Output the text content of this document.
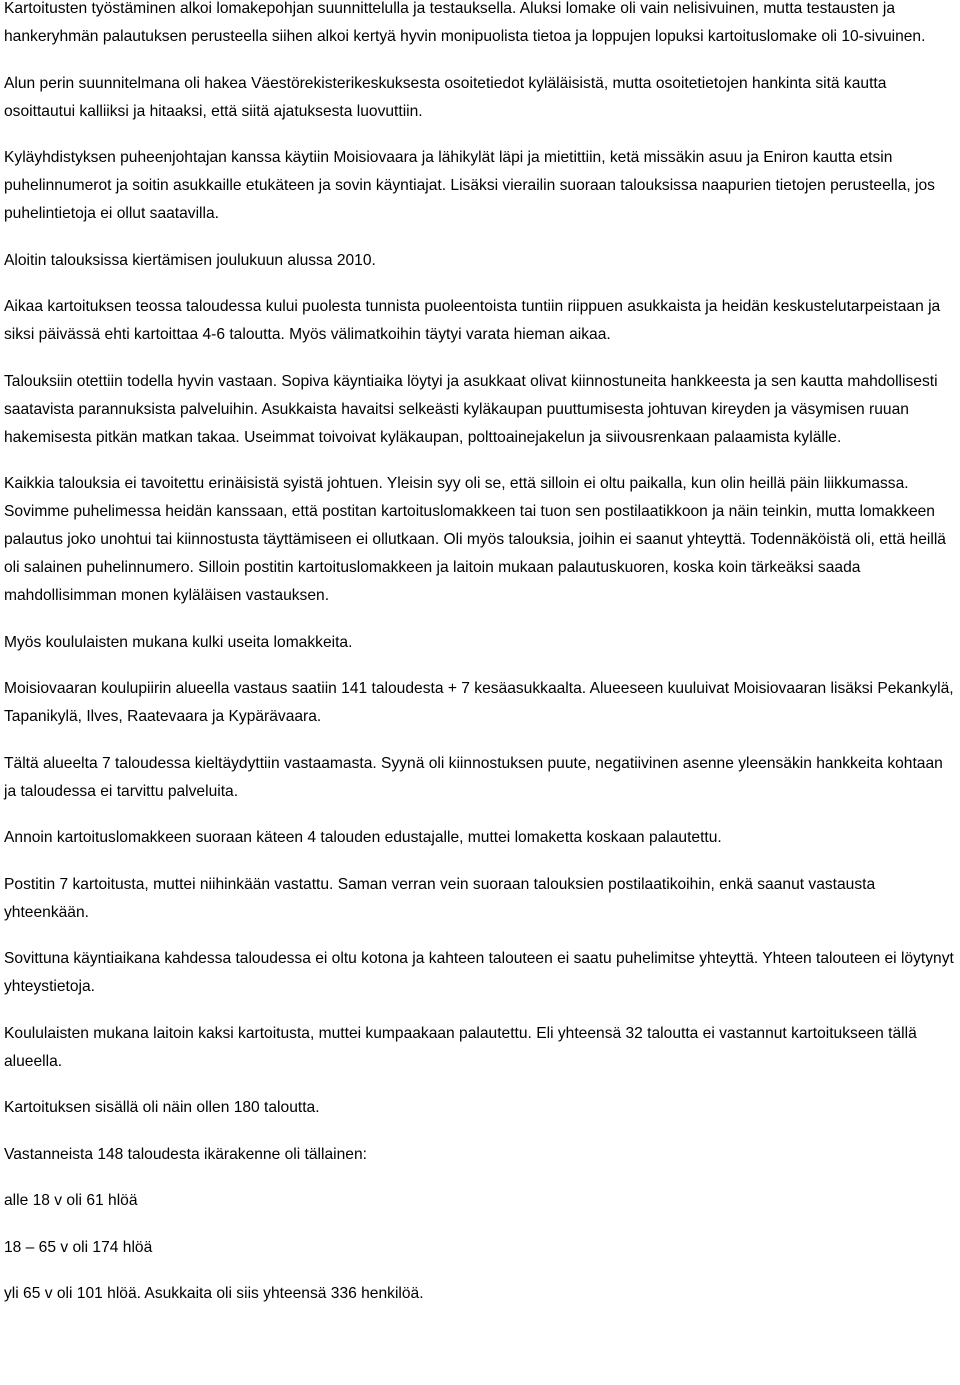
Kartoitusten työstäminen alkoi lomakepohjan suunnittelulla ja testauksella. Aluksi lomake oli vain nelisivuinen, mutta testausten ja hankeryhmän palautuksen perusteella siihen alkoi kertyä hyvin monipuolista tietoa ja loppujen lopuksi kartoituslomake oli 10-sivuinen.

Alun perin suunnitelmana oli hakea Väestörekisterikeskuksesta osoitetiedot kyläläisistä, mutta osoitetietojen hankinta sitä kautta osoittautui kalliiksi ja hitaaksi, että siitä ajatuksesta luovuttiin.

Kyläyhdistyksen puheenjohtajan kanssa käytiin Moisiovaara ja lähikylät läpi ja mietittiin, ketä missäkin asuu ja Eniron kautta etsin puhelinnumerot ja soitin asukkaille etukäteen ja sovin käyntiajat. Lisäksi vierailin suoraan talouksissa naapurien tietojen perusteella, jos puhelintietoja ei ollut saatavilla.

Aloitin talouksissa kiertämisen joulukuun alussa 2010.

Aikaa kartoituksen teossa taloudessa kului puolesta tunnista puoleentoista tuntiin riippuen asukkaista ja heidän keskustelutarpeistaan ja siksi päivässä ehti kartoittaa 4-6 taloutta. Myös välimatkoihin täytyi varata hieman aikaa.

Talouksiin otettiin todella hyvin vastaan. Sopiva käyntiaika löytyi ja asukkaat olivat kiinnostuneita hankkeesta ja sen kautta mahdollisesti saatavista parannuksista palveluihin. Asukkaista havaitsi selkeästi kyläkaupan puuttumisesta johtuvan kireyden ja väsymisen ruuan hakemisesta pitkän matkan takaa. Useimmat toivoivat kyläkaupan, polttoainejakelun ja siivousrenkaan palaamista kylälle.

Kaikkia talouksia ei tavoitettu erinäisistä syistä johtuen. Yleisin syy oli se, että silloin ei oltu paikalla, kun olin heillä päin liikkumassa. Sovimme puhelimessa heidän kanssaan, että postitan kartoituslomakkeen tai tuon sen postilaatikkoon ja näin teinkin, mutta lomakkeen palautus joko unohtui tai kiinnostusta täyttämiseen ei ollutkaan. Oli myös talouksia, joihin ei saanut yhteyttä. Todennäköistä oli, että heillä oli salainen puhelinnumero. Silloin postitin kartoituslomakkeen ja laitoin mukaan palautuskuoren, koska koin tärkeäksi saada mahdollisimman monen kyläläisen vastauksen.

Myös koululaisten mukana kulki useita lomakkeita.

Moisiovaaran koulupiirin alueella vastaus saatiin 141 taloudesta + 7 kesäasukkaalta. Alueeseen kuuluivat Moisiovaaran lisäksi Pekankylä, Tapanikylä, Ilves, Raatevaara ja Kypärävaara.

Tältä alueelta 7 taloudessa kieltäydyttiin vastaamasta. Syynä oli kiinnostuksen puute, negatiivinen asenne yleensäkin hankkeita kohtaan ja taloudessa ei tarvittu palveluita.

Annoin kartoituslomakkeen suoraan käteen 4 talouden edustajalle, muttei lomaketta koskaan palautettu.

Postitin 7 kartoitusta, muttei niihinkään vastattu. Saman verran vein suoraan talouksien postilaatikoihin, enkä saanut vastausta yhteenkään.

Sovittuna käyntiaikana kahdessa taloudessa ei oltu kotona ja kahteen talouteen ei saatu puhelimitse yhteyttä. Yhteen talouteen ei löytynyt yhteystietoja.

Koululaisten mukana laitoin kaksi kartoitusta, muttei kumpaakaan palautettu. Eli yhteensä 32 taloutta ei vastannut kartoitukseen tällä alueella.

Kartoituksen sisällä oli näin ollen 180 taloutta.

Vastanneista 148 taloudesta ikärakenne oli tällainen:

alle 18 v oli 61 hlöä

18 – 65 v oli 174 hlöä

yli 65 v oli 101 hlöä. Asukkaita oli siis yhteensä 336 henkilöä.
